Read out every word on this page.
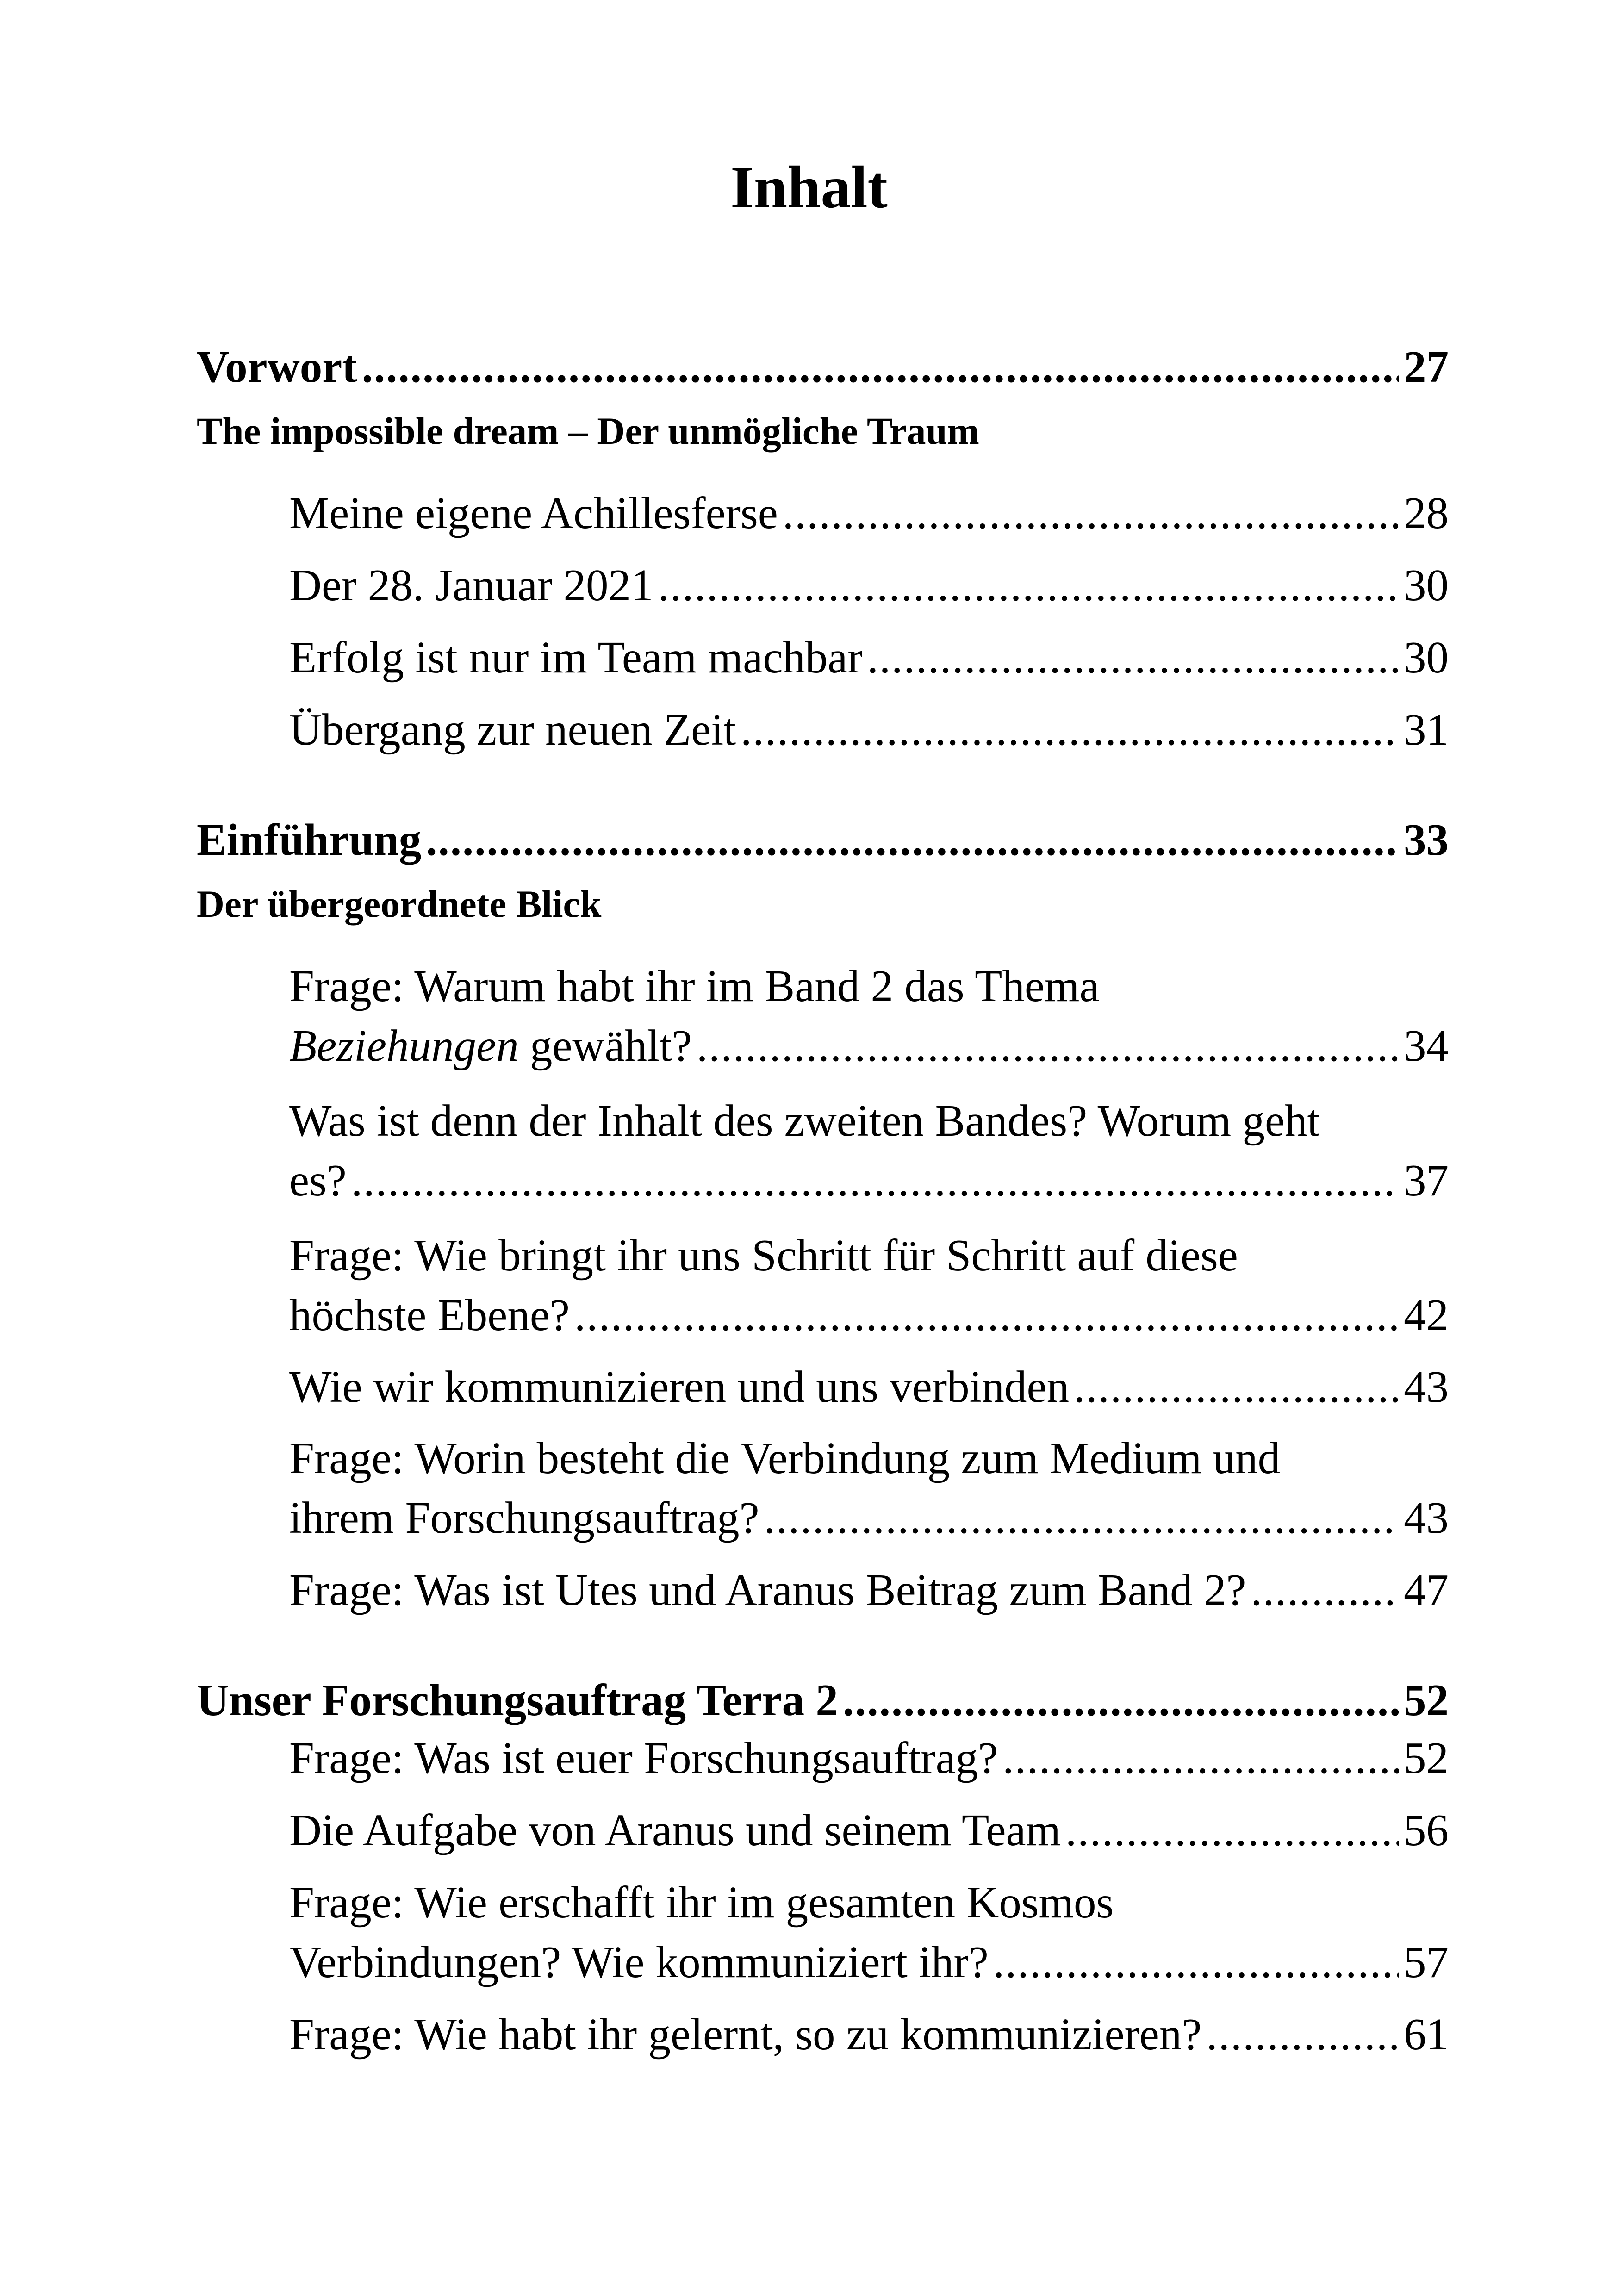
Inhalt
Vorwort .....	27
The impossible dream – Der unmögliche Traum
Meine eigene Achillesferse .....	28
Der 28. Januar 2021 .....	30
Erfolg ist nur im Team machbar .....	30
Übergang zur neuen Zeit .....	31
Einführung .....	33
Der übergeordnete Blick
Frage: Warum habt ihr im Band 2 das Thema
Beziehungen gewählt? .....	34
Was ist denn der Inhalt des zweiten Bandes? Worum geht
es? .....	37
Frage: Wie bringt ihr uns Schritt für Schritt auf diese
höchste Ebene? .....	42
Wie wir kommunizieren und uns verbinden .....	43
Frage: Worin besteht die Verbindung zum Medium und
ihrem Forschungsauftrag? .....	43
Frage: Was ist Utes und Aranus Beitrag zum Band 2? .....	47
Unser Forschungsauftrag Terra 2 .....	52
Frage: Was ist euer Forschungsauftrag? .....	52
Die Aufgabe von Aranus und seinem Team .....	56
Frage: Wie erschafft ihr im gesamten Kosmos
Verbindungen? Wie kommuniziert ihr? .....	57
Frage: Wie habt ihr gelernt, so zu kommunizieren? .....	61
